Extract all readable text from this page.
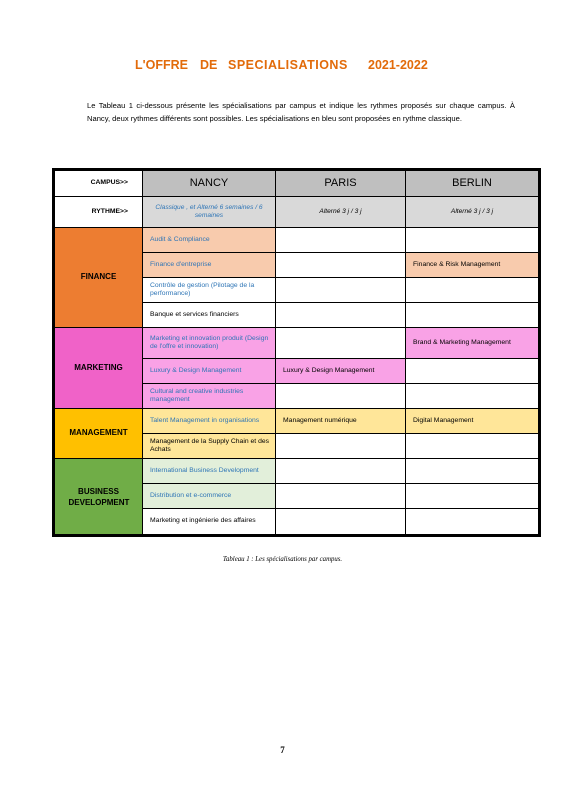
L'OFFRE DE SPECIALISATIONS 2021-2022
Le Tableau 1 ci-dessous présente les spécialisations par campus et indique les rythmes proposés sur chaque campus. À Nancy, deux rythmes différents sont possibles. Les spécialisations en bleu sont proposées en rythme classique.
CAMPUS>>	NANCY	PARIS	BERLIN
RYTHME>>	Classique , et Alterné 6 semaines / 6 semaines	Alterné 3 j / 3 j	Alterné 3 j / 3 j
FINANCE	Audit & Compliance		
	Finance d'entreprise		Finance & Risk Management
	Contrôle de gestion (Pilotage de la performance)		
	Banque et services financiers		
MARKETING	Marketing et innovation produit (Design de l'offre et innovation)		Brand & Marketing Management
	Luxury & Design Management	Luxury & Design Management	
	Cultural and creative industries management		
MANAGEMENT	Talent Management in organisations	Management numérique	Digital Management
	Management de la Supply Chain et des Achats		
BUSINESS DEVELOPMENT	International Business Development		
	Distribution et e-commerce		
	Marketing et ingénierie des affaires		
Tableau 1 : Les spécialisations par campus.
7
